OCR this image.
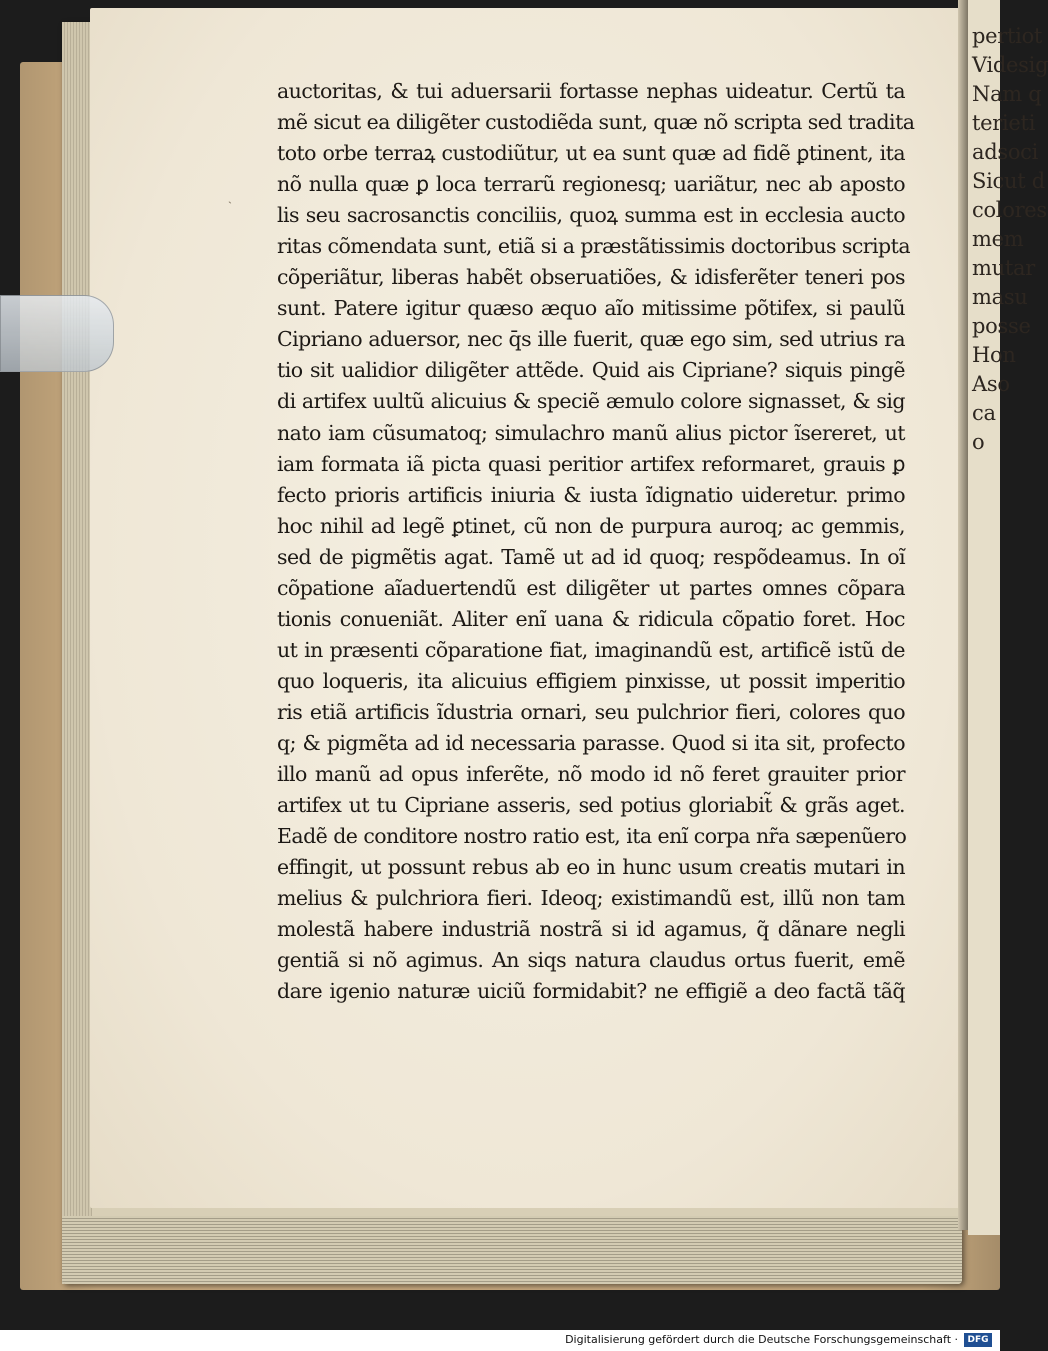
ˎ
auctoritas, & tui aduersarii fortasse nephas uideatur. Certũ ta
mẽ sicut ea diligẽter custodiẽda sunt, quæ nõ scripta sed tradita
toto orbe terraꝝ custodiũtur, ut ea sunt quæ ad fidẽ ꝑtinent, ita
nõ nulla quæ ꝑ loca terrarũ regionesq; uariãtur, nec ab aposto
lis seu sacrosanctis conciliis, quoꝝ summa est in ecclesia aucto
ritas cõmendata sunt, etiã si a præstãtissimis doctoribus scripta
cõperiãtur, liberas habẽt obseruatiões, & idisferẽter teneri pos
sunt. Patere igitur quæso æquo aĩo mitissime põtifex, si paulũ
Cipriano aduersor, nec q̄s ille fuerit, quæ ego sim, sed utrius ra
tio sit ualidior diligẽter attẽde. Quid ais Cipriane? siquis pingẽ
di artifex uultũ alicuius & speciẽ æmulo colore signasset, & sig
nato iam cũsumatoq; simulachro manũ alius pictor ĩsereret, ut
iam formata iã picta quasi peritior artifex reformaret, grauis ꝑ
fecto prioris artificis iniuria & iusta ĩdignatio uideretur. primo
hoc nihil ad legẽ ꝑtinet, cũ non de purpura auroq; ac gemmis,
sed de pigmẽtis agat. Tamẽ ut ad id quoq; respõdeamus. In oĩ
cõpatione aĩaduertendũ est diligẽter ut partes omnes cõpara
tionis conueniãt. Aliter enĩ uana & ridicula cõpatio foret. Hoc
ut in præsenti cõparatione fiat, imaginandũ est, artificẽ istũ de
quo loqueris, ita alicuius effigiem pinxisse, ut possit imperitio
ris etiã artificis ĩdustria ornari, seu pulchrior fieri, colores quo
q; & pigmẽta ad id necessaria parasse. Quod si ita sit, profecto
illo manũ ad opus inferẽte, nõ modo id nõ feret grauiter prior
artifex ut tu Cipriane asseris, sed potius gloriabit̃ & grãs aget.
Eadẽ de conditore nostro ratio est, ita enĩ corpa nr̃a sæpenũero
effingit, ut possunt rebus ab eo in hunc usum creatis mutari in
melius & pulchriora fieri. Ideoq; existimandũ est, illũ non tam
molestã habere industriã nostrã si id agamus, q̃ dãnare negli
gentiã si nõ agimus. An siqs natura claudus ortus fuerit, emẽ
dare igenio naturæ uiciũ formidabit? ne effigiẽ a deo factã tãq̃
pertiot
Videsig
Nam q
terieti
adsoci
Sicut d
colores
mem
mutar
masu
posse
Hon
Aso
ca
o
Digitalisierung gefördert durch die Deutsche Forschungsgemeinschaft ·	DFG
